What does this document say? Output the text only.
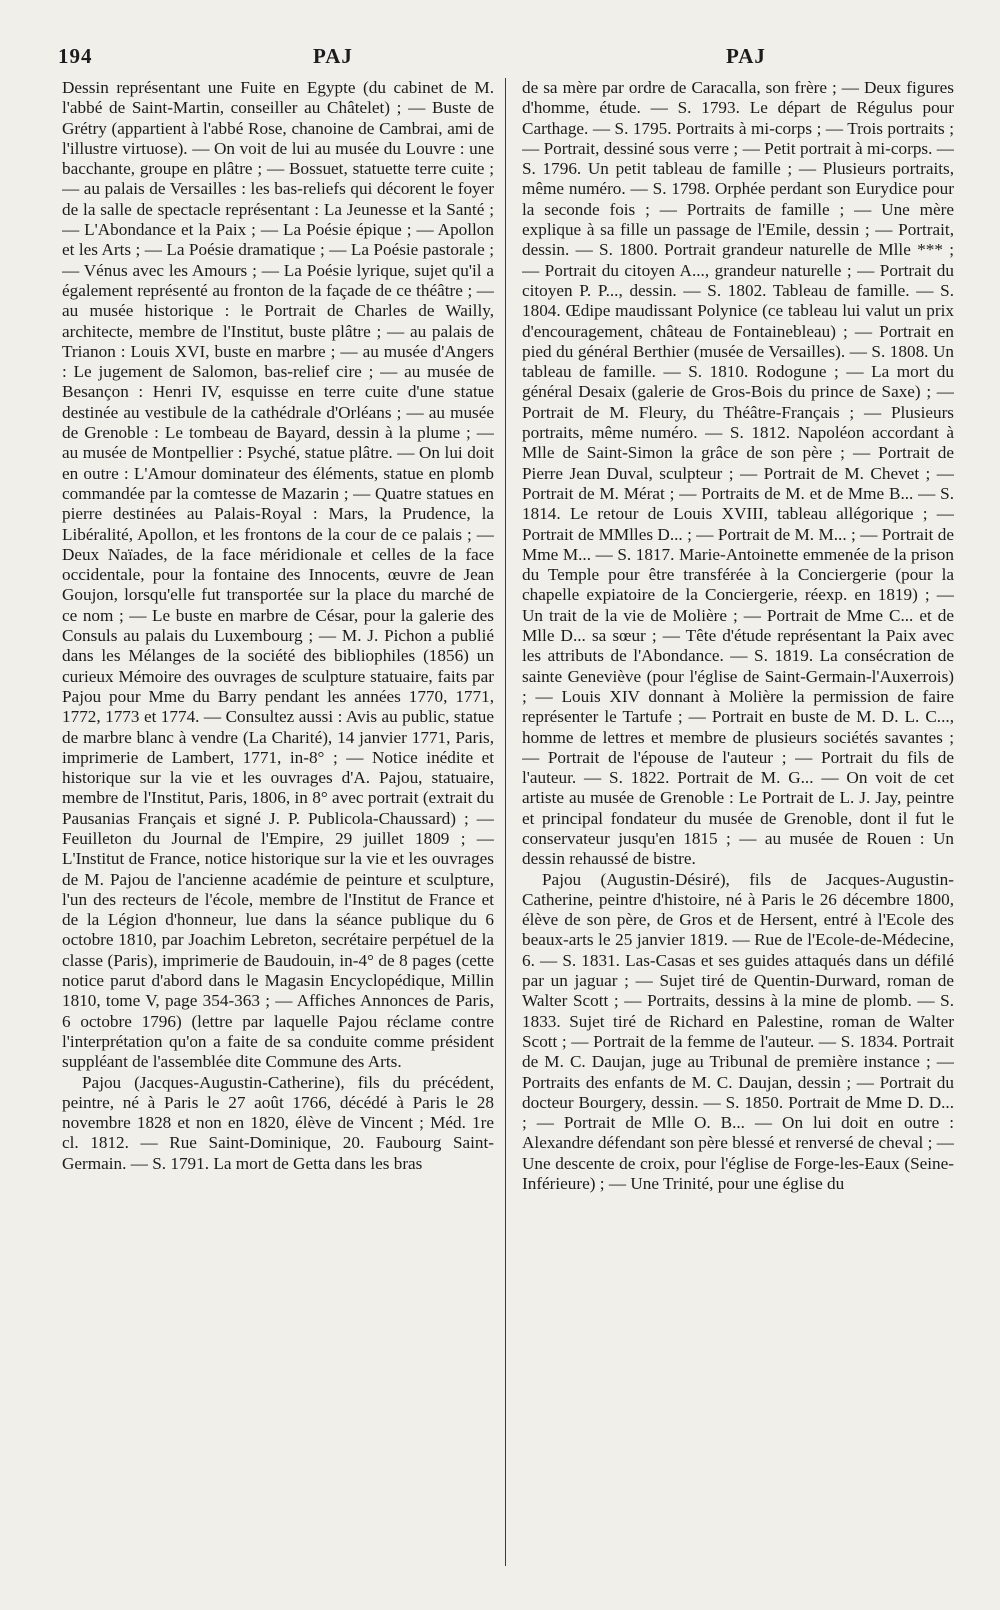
194	PAJ	PAJ

Dessin représentant une Fuite en Egypte (du cabinet de M. l'abbé de Saint-Martin, conseiller au Châtelet) ; — Buste de Grétry (appartient à l'abbé Rose, chanoine de Cambrai, ami de l'illustre virtuose). — On voit de lui au musée du Louvre : une bacchante, groupe en plâtre ; — Bossuet, statuette terre cuite ; — au palais de Versailles : les bas-reliefs qui décorent le foyer de la salle de spectacle représentant : La Jeunesse et la Santé ; — L'Abondance et la Paix ; — La Poésie épique ; — Apollon et les Arts ; — La Poésie dramatique ; — La Poésie pastorale ; — Vénus avec les Amours ; — La Poésie lyrique, sujet qu'il a également représenté au fronton de la façade de ce théâtre ; — au musée historique : le Portrait de Charles de Wailly, architecte, membre de l'Institut, buste plâtre ; — au palais de Trianon : Louis XVI, buste en marbre ; — au musée d'Angers : Le jugement de Salomon, bas-relief cire ; — au musée de Besançon : Henri IV, esquisse en terre cuite d'une statue destinée au vestibule de la cathédrale d'Orléans ; — au musée de Grenoble : Le tombeau de Bayard, dessin à la plume ; — au musée de Montpellier : Psyché, statue plâtre. — On lui doit en outre : L'Amour dominateur des éléments, statue en plomb commandée par la comtesse de Mazarin ; — Quatre statues en pierre destinées au Palais-Royal : Mars, la Prudence, la Libéralité, Apollon, et les frontons de la cour de ce palais ; — Deux Naïades, de la face méridionale et celles de la face occidentale, pour la fontaine des Innocents, œuvre de Jean Goujon, lorsqu'elle fut transportée sur la place du marché de ce nom ; — Le buste en marbre de César, pour la galerie des Consuls au palais du Luxembourg ; — M. J. Pichon a publié dans les Mélanges de la société des bibliophiles (1856) un curieux Mémoire des ouvrages de sculpture statuaire, faits par Pajou pour Mme du Barry pendant les années 1770, 1771, 1772, 1773 et 1774. — Consultez aussi : Avis au public, statue de marbre blanc à vendre (La Charité), 14 janvier 1771, Paris, imprimerie de Lambert, 1771, in-8° ; — Notice inédite et historique sur la vie et les ouvrages d'A. Pajou, statuaire, membre de l'Institut, Paris, 1806, in 8° avec portrait (extrait du Pausanias Français et signé J. P. Publicola-Chaussard) ; — Feuilleton du Journal de l'Empire, 29 juillet 1809 ; — L'Institut de France, notice historique sur la vie et les ouvrages de M. Pajou de l'ancienne académie de peinture et sculpture, l'un des recteurs de l'école, membre de l'Institut de France et de la Légion d'honneur, lue dans la séance publique du 6 octobre 1810, par Joachim Lebreton, secrétaire perpétuel de la classe (Paris), imprimerie de Baudouin, in-4° de 8 pages (cette notice parut d'abord dans le Magasin Encyclopédique, Millin 1810, tome V, page 354-363 ; — Affiches Annonces de Paris, 6 octobre 1796) (lettre par laquelle Pajou réclame contre l'interprétation qu'on a faite de sa conduite comme président suppléant de l'assemblée dite Commune des Arts.

Pajou (Jacques-Augustin-Catherine), fils du précédent, peintre, né à Paris le 27 août 1766, décédé à Paris le 28 novembre 1828 et non en 1820, élève de Vincent ; Méd. 1re cl. 1812. — Rue Saint-Dominique, 20. Faubourg Saint-Germain. — S. 1791. La mort de Getta dans les bras

de sa mère par ordre de Caracalla, son frère ; — Deux figures d'homme, étude. — S. 1793. Le départ de Régulus pour Carthage. — S. 1795. Portraits à mi-corps ; — Trois portraits ; — Portrait, dessiné sous verre ; — Petit portrait à mi-corps. — S. 1796. Un petit tableau de famille ; — Plusieurs portraits, même numéro. — S. 1798. Orphée perdant son Eurydice pour la seconde fois ; — Portraits de famille ; — Une mère explique à sa fille un passage de l'Emile, dessin ; — Portrait, dessin. — S. 1800. Portrait grandeur naturelle de Mlle *** ; — Portrait du citoyen A..., grandeur naturelle ; — Portrait du citoyen P. P..., dessin. — S. 1802. Tableau de famille. — S. 1804. Œdipe maudissant Polynice (ce tableau lui valut un prix d'encouragement, château de Fontainebleau) ; — Portrait en pied du général Berthier (musée de Versailles). — S. 1808. Un tableau de famille. — S. 1810. Rodogune ; — La mort du général Desaix (galerie de Gros-Bois du prince de Saxe) ; — Portrait de M. Fleury, du Théâtre-Français ; — Plusieurs portraits, même numéro. — S. 1812. Napoléon accordant à Mlle de Saint-Simon la grâce de son père ; — Portrait de Pierre Jean Duval, sculpteur ; — Portrait de M. Chevet ; — Portrait de M. Mérat ; — Portraits de M. et de Mme B... — S. 1814. Le retour de Louis XVIII, tableau allégorique ; — Portrait de MMlles D... ; — Portrait de M. M... ; — Portrait de Mme M... — S. 1817. Marie-Antoinette emmenée de la prison du Temple pour être transférée à la Conciergerie (pour la chapelle expiatoire de la Conciergerie, réexp. en 1819) ; — Un trait de la vie de Molière ; — Portrait de Mme C... et de Mlle D... sa sœur ; — Tête d'étude représentant la Paix avec les attributs de l'Abondance. — S. 1819. La consécration de sainte Geneviève (pour l'église de Saint-Germain-l'Auxerrois) ; — Louis XIV donnant à Molière la permission de faire représenter le Tartufe ; — Portrait en buste de M. D. L. C..., homme de lettres et membre de plusieurs sociétés savantes ; — Portrait de l'épouse de l'auteur ; — Portrait du fils de l'auteur. — S. 1822. Portrait de M. G... — On voit de cet artiste au musée de Grenoble : Le Portrait de L. J. Jay, peintre et principal fondateur du musée de Grenoble, dont il fut le conservateur jusqu'en 1815 ; — au musée de Rouen : Un dessin rehaussé de bistre.

Pajou (Augustin-Désiré), fils de Jacques-Augustin-Catherine, peintre d'histoire, né à Paris le 26 décembre 1800, élève de son père, de Gros et de Hersent, entré à l'Ecole des beaux-arts le 25 janvier 1819. — Rue de l'Ecole-de-Médecine, 6. — S. 1831. Las-Casas et ses guides attaqués dans un défilé par un jaguar ; — Sujet tiré de Quentin-Durward, roman de Walter Scott ; — Portraits, dessins à la mine de plomb. — S. 1833. Sujet tiré de Richard en Palestine, roman de Walter Scott ; — Portrait de la femme de l'auteur. — S. 1834. Portrait de M. C. Daujan, juge au Tribunal de première instance ; — Portraits des enfants de M. C. Daujan, dessin ; — Portrait du docteur Bourgery, dessin. — S. 1850. Portrait de Mme D. D... ; — Portrait de Mlle O. B... — On lui doit en outre : Alexandre défendant son père blessé et renversé de cheval ; — Une descente de croix, pour l'église de Forge-les-Eaux (Seine-Inférieure) ; — Une Trinité, pour une église du
